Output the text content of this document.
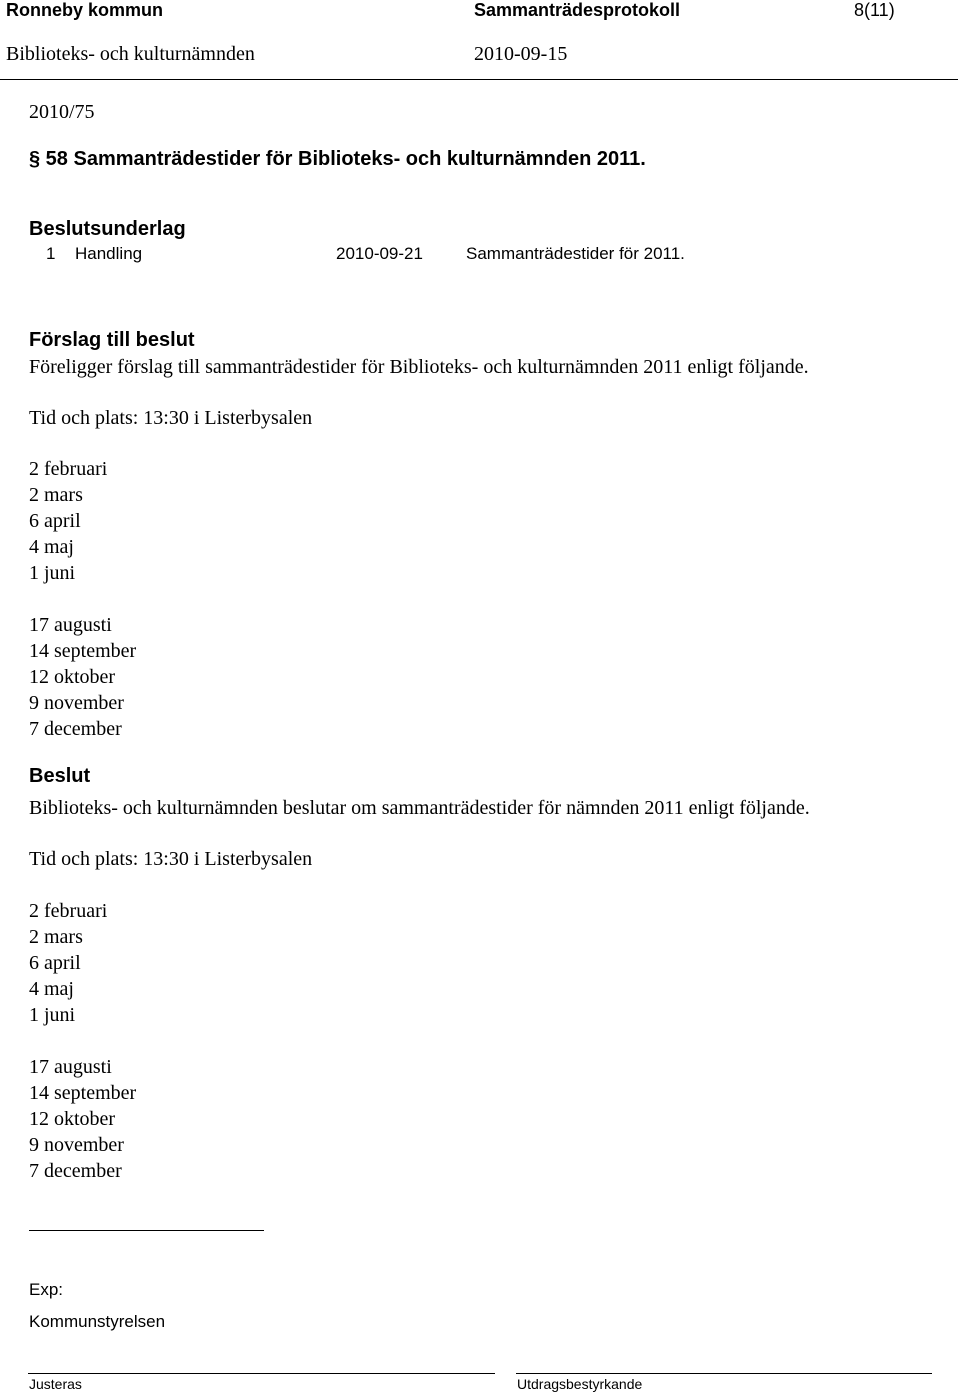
Ronneby kommun	Sammanträdesprotokoll	8(11)
Biblioteks- och kulturnämnden	2010-09-15
2010/75
§ 58 Sammanträdestider för Biblioteks- och kulturnämnden 2011.
Beslutsunderlag
1 Handling	2010-09-21	Sammanträdestider för 2011.
Förslag till beslut
Föreligger förslag till sammanträdestider för Biblioteks- och kulturnämnden 2011 enligt följande.
Tid och plats: 13:30 i Listerbysalen
2 februari
2 mars
6 april
4 maj
1 juni
17 augusti
14 september
12 oktober
9 november
7 december
Beslut
Biblioteks- och kulturnämnden beslutar om sammanträdestider för nämnden 2011 enligt följande.
Tid och plats: 13:30 i Listerbysalen
2 februari
2 mars
6 april
4 maj
1 juni
17 augusti
14 september
12 oktober
9 november
7 december
Exp:
Kommunstyrelsen
Justeras	Utdragsbestyrkande
